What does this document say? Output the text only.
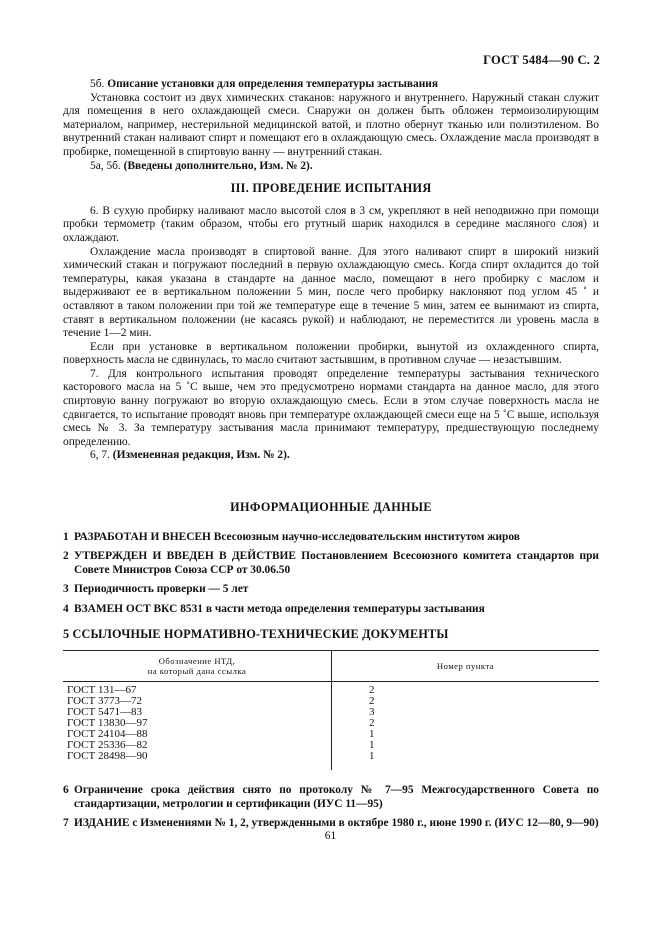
ГОСТ 5484—90 С. 2

5б. Описание установки для определения температуры застывания

Установка состоит из двух химических стаканов: наружного и внутреннего. Наружный стакан служит для помещения в него охлаждающей смеси. Снаружи он должен быть обложен термоизолирующим материалом, например, нестерильной медицинской ватой, и плотно обернут тканью или полиэтиленом. Во внутренний стакан наливают спирт и помещают его в охлаждающую смесь. Охлаждение масла производят в пробирке, помещенной в спиртовую ванну — внутренний стакан.

5а, 5б. (Введены дополнительно, Изм. № 2).

III. ПРОВЕДЕНИЕ ИСПЫТАНИЯ

6. В сухую пробирку наливают масло высотой слоя в 3 см, укрепляют в ней неподвижно при помощи пробки термометр (таким образом, чтобы его ртутный шарик находился в середине масляного слоя) и охлаждают.

Охлаждение масла производят в спиртовой ванне. Для этого наливают спирт в широкий низкий химический стакан и погружают последний в первую охлаждающую смесь. Когда спирт охладится до той температуры, какая указана в стандарте на данное масло, помещают в него пробирку с маслом и выдерживают ее в вертикальном положении 5 мин, после чего пробирку наклоняют под углом 45 ˚ и оставляют в таком положении при той же температуре еще в течение 5 мин, затем ее вынимают из спирта, ставят в вертикальном положении (не касаясь рукой) и наблюдают, не переместится ли уровень масла в течение 1—2 мин.

Если при установке в вертикальном положении пробирки, вынутой из охлажденного спирта, поверхность масла не сдвинулась, то масло считают застывшим, в противном случае — незастывшим.

7. Для контрольного испытания проводят определение температуры застывания технического касторового масла на 5 ˚С выше, чем это предусмотрено нормами стандарта на данное масло, для этого спиртовую ванну погружают во вторую охлаждающую смесь. Если в этом случае поверхность масла не сдвигается, то испытание проводят вновь при температуре охлаждающей смеси еще на 5 ˚С выше, используя смесь № 3. За температуру застывания масла принимают температуру, предшествующую последнему определению.

6, 7. (Измененная редакция, Изм. № 2).

ИНФОРМАЦИОННЫЕ ДАННЫЕ
1 РАЗРАБОТАН И ВНЕСЕН Всесоюзным научно-исследовательским институтом жиров
2 УТВЕРЖДЕН И ВВЕДЕН В ДЕЙСТВИЕ Постановлением Всесоюзного комитета стандартов при Совете Министров Союза ССР от 30.06.50
3 Периодичность проверки — 5 лет
4 ВЗАМЕН ОСТ ВКС 8531 в части метода определения температуры застывания
5 ССЫЛОЧНЫЕ НОРМАТИВНО-ТЕХНИЧЕСКИЕ ДОКУМЕНТЫ
Обозначение НТД,
на который дана ссылка	Номер пункта
ГОСТ 131—67	2
ГОСТ 3773—72	2
ГОСТ 5471—83	3
ГОСТ 13830—97	2
ГОСТ 24104—88	1
ГОСТ 25336—82	1
ГОСТ 28498—90	1
6 Ограничение срока действия снято по протоколу № 7—95 Межгосударственного Совета по стандартизации, метрологии и сертификации (ИУС 11—95)
7 ИЗДАНИЕ с Изменениями № 1, 2, утвержденными в октябре 1980 г., июне 1990 г. (ИУС 12—80, 9—90)
61
